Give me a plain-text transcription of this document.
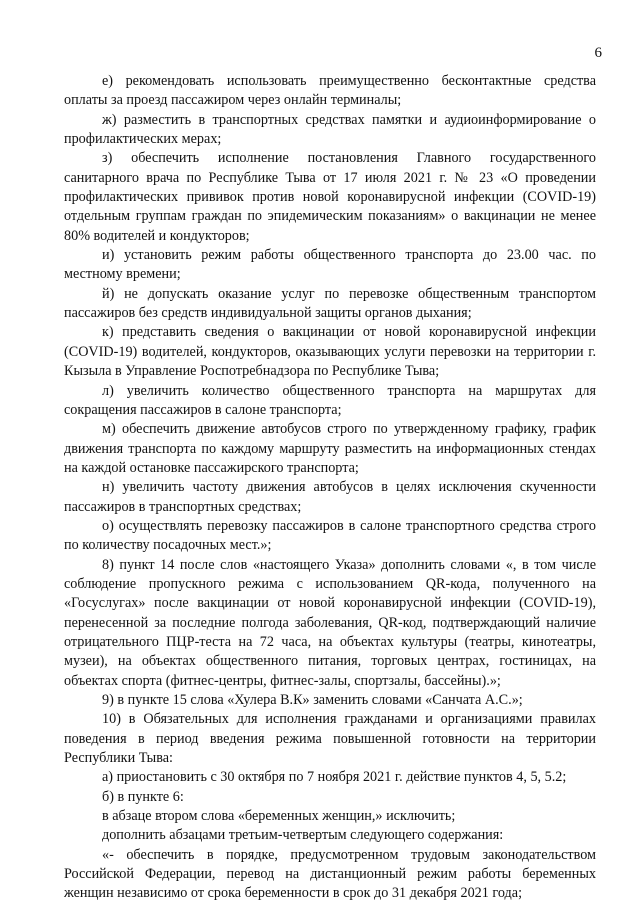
6

е) рекомендовать использовать преимущественно бесконтактные средства оплаты за проезд пассажиром через онлайн терминалы;

ж) разместить в транспортных средствах памятки и аудиоинформирование о профилактических мерах;

з) обеспечить исполнение постановления Главного государственного санитарного врача по Республике Тыва от 17 июля 2021 г. № 23 «О проведении профилактических прививок против новой коронавирусной инфекции (COVID-19) отдельным группам граждан по эпидемическим показаниям» о вакцинации не менее 80% водителей и кондукторов;

и) установить режим работы общественного транспорта до 23.00 час. по местному времени;

й) не допускать оказание услуг по перевозке общественным транспортом пассажиров без средств индивидуальной защиты органов дыхания;

к) представить сведения о вакцинации от новой коронавирусной инфекции (COVID-19) водителей, кондукторов, оказывающих услуги перевозки на территории г. Кызыла в Управление Роспотребнадзора по Республике Тыва;

л) увеличить количество общественного транспорта на маршрутах для сокращения пассажиров в салоне транспорта;

м) обеспечить движение автобусов строго по утвержденному графику, график движения транспорта по каждому маршруту разместить на информационных стендах на каждой остановке пассажирского транспорта;

н) увеличить частоту движения автобусов в целях исключения скученности пассажиров в транспортных средствах;

о) осуществлять перевозку пассажиров в салоне транспортного средства строго по количеству посадочных мест.»;

8) пункт 14 после слов «настоящего Указа» дополнить словами «, в том числе соблюдение пропускного режима с использованием QR-кода, полученного на «Госуслугах» после вакцинации от новой коронавирусной инфекции (COVID-19), перенесенной за последние полгода заболевания, QR-код, подтверждающий наличие отрицательного ПЦР-теста на 72 часа, на объектах культуры (театры, кинотеатры, музеи), на объектах общественного питания, торговых центрах, гостиницах, на объектах спорта (фитнес-центры, фитнес-залы, спортзалы, бассейны).»;

9) в пункте 15 слова «Хулера В.К» заменить словами «Санчата А.С.»;

10) в Обязательных для исполнения гражданами и организациями правилах поведения в период введения режима повышенной готовности на территории Республики Тыва:

а) приостановить с 30 октября по 7 ноября 2021 г. действие пунктов 4, 5, 5.2;

б) в пункте 6:

в абзаце втором слова «беременных женщин,» исключить;

дополнить абзацами третьим-четвертым следующего содержания:

«- обеспечить в порядке, предусмотренном трудовым законодательством Российской Федерации, перевод на дистанционный режим работы беременных женщин независимо от срока беременности в срок до 31 декабря 2021 года;
